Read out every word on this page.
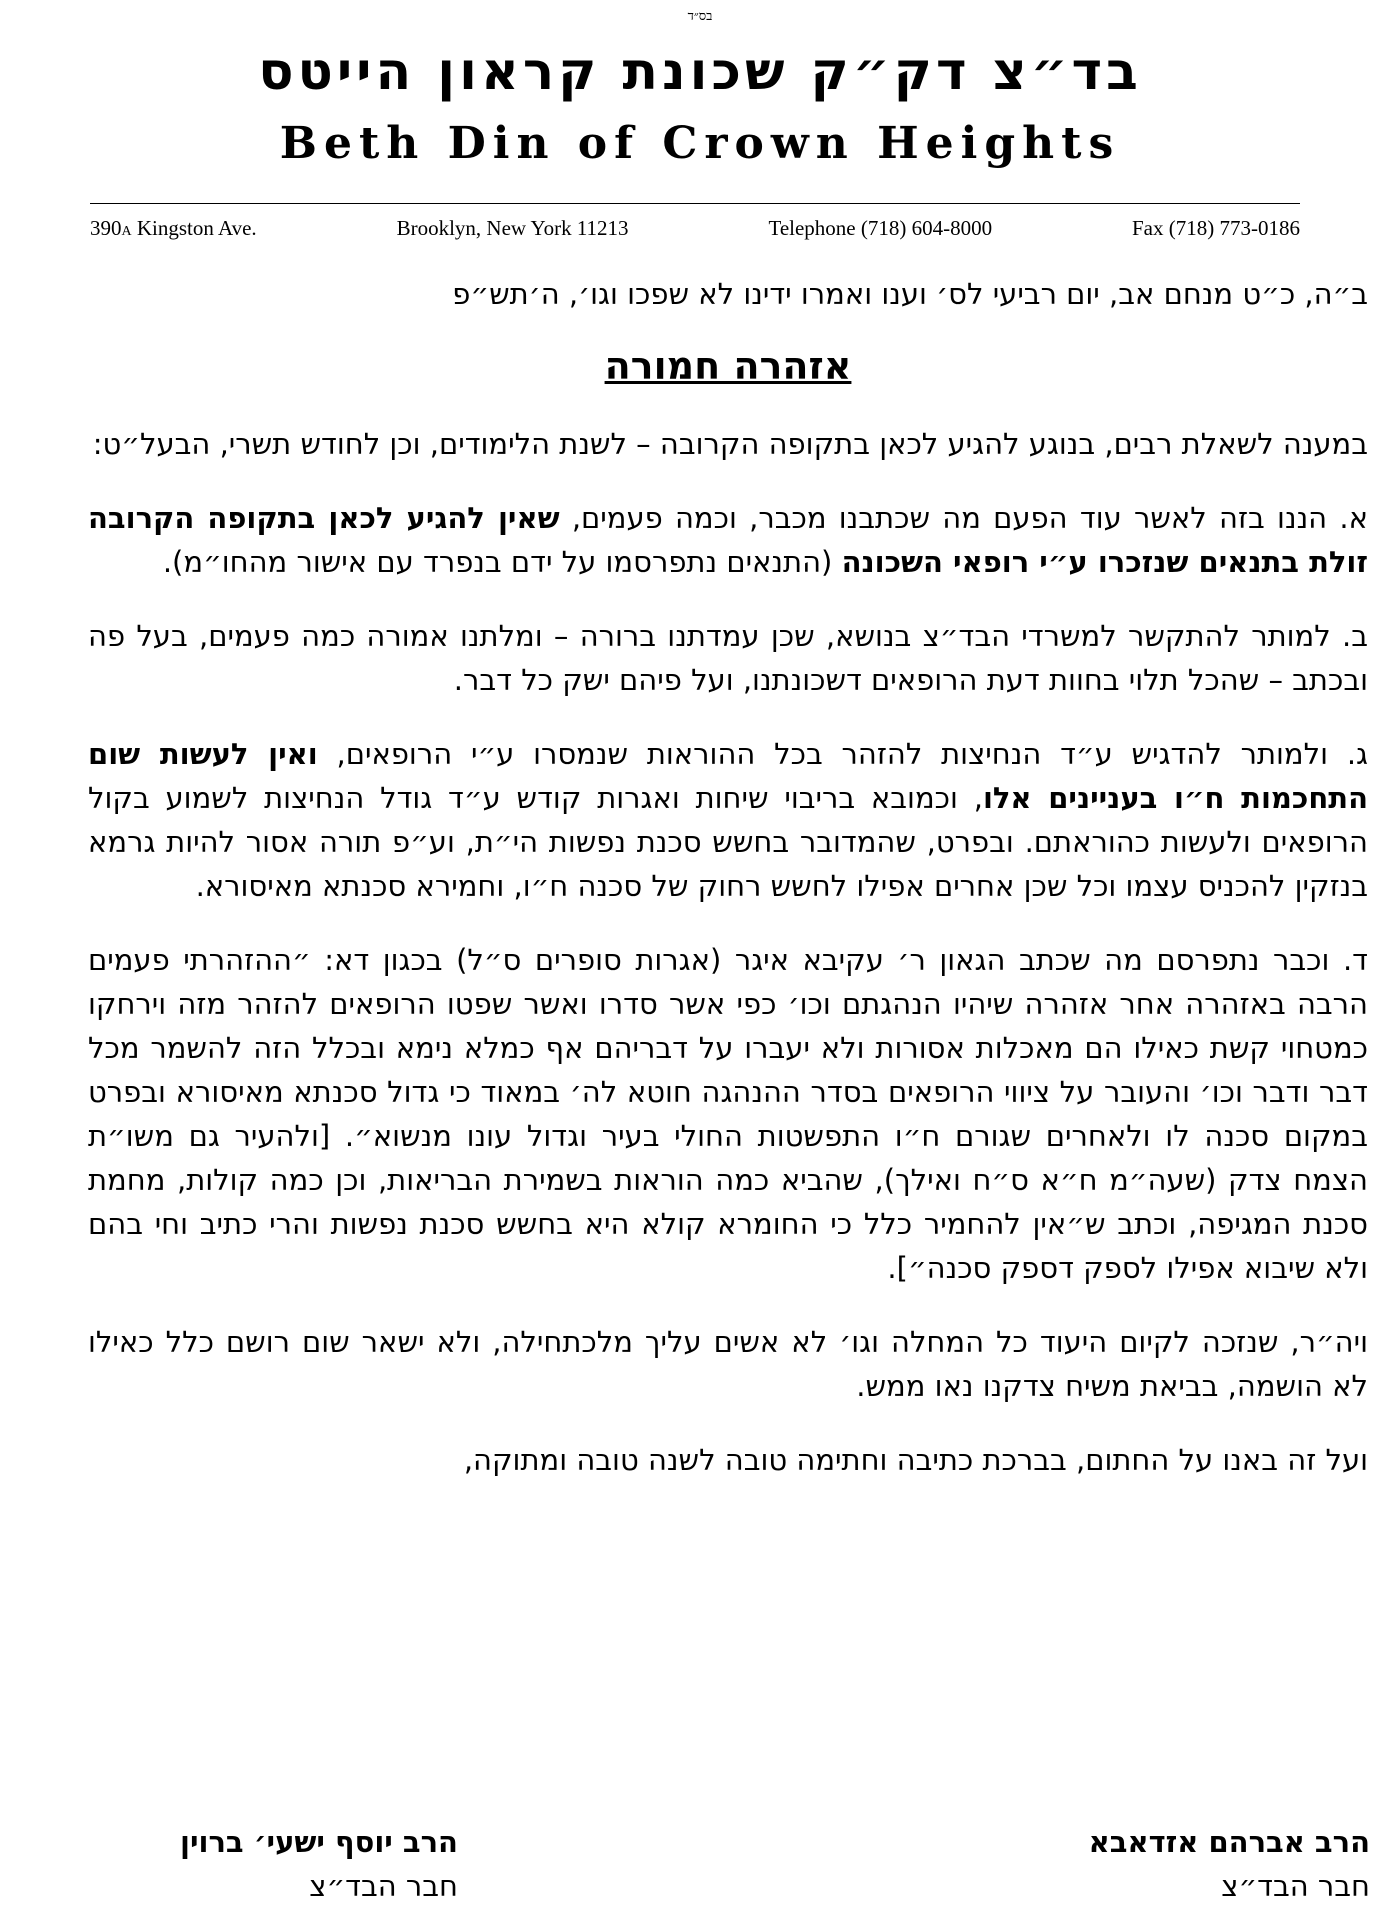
בס״ד
בד״צ דק״ק שכונת קראון הייטס
Beth Din of Crown Heights
390A Kingston Ave.	Brooklyn, New York 11213	Telephone (718) 604-8000	Fax (718) 773-0186

ב״ה, כ״ט מנחם אב, יום רביעי לס׳ וענו ואמרו ידינו לא שפכו וגו׳, ה׳תש״פ

אזהרה חמורה

במענה לשאלת רבים, בנוגע להגיע לכאן בתקופה הקרובה – לשנת הלימודים, וכן לחודש תשרי, הבעל״ט:

א. הננו בזה לאשר עוד הפעם מה שכתבנו מכבר, וכמה פעמים, שאין להגיע לכאן בתקופה הקרובה זולת בתנאים שנזכרו ע״י רופאי השכונה (התנאים נתפרסמו על ידם בנפרד עם אישור מהחו״מ).

ב. למותר להתקשר למשרדי הבד״צ בנושא, שכן עמדתנו ברורה – ומלתנו אמורה כמה פעמים, בעל פה ובכתב – שהכל תלוי בחוות דעת הרופאים דשכונתנו, ועל פיהם ישק כל דבר.

ג. ולמותר להדגיש ע״ד הנחיצות להזהר בכל ההוראות שנמסרו ע״י הרופאים, ואין לעשות שום התחכמות ח״ו בעניינים אלו, וכמובא בריבוי שיחות ואגרות קודש ע״ד גודל הנחיצות לשמוע בקול הרופאים ולעשות כהוראתם. ובפרט, שהמדובר בחשש סכנת נפשות הי״ת, וע״פ תורה אסור להיות גרמא בנזקין להכניס עצמו וכל שכן אחרים אפילו לחשש רחוק של סכנה ח״ו, וחמירא סכנתא מאיסורא.

ד. וכבר נתפרסם מה שכתב הגאון ר׳ עקיבא איגר (אגרות סופרים ס״ל) בכגון דא: ״ההזהרתי פעמים הרבה באזהרה אחר אזהרה שיהיו הנהגתם וכו׳ כפי אשר סדרו ואשר שפטו הרופאים להזהר מזה וירחקו כמטחוי קשת כאילו הם מאכלות אסורות ולא יעברו על דבריהם אף כמלא נימא ובכלל הזה להשמר מכל דבר ודבר וכו׳ והעובר על ציווי הרופאים בסדר ההנהגה חוטא לה׳ במאוד כי גדול סכנתא מאיסורא ובפרט במקום סכנה לו ולאחרים שגורם ח״ו התפשטות החולי בעיר וגדול עונו מנשוא״. [ולהעיר גם משו״ת הצמח צדק (שעה״מ ח״א ס״ח ואילך), שהביא כמה הוראות בשמירת הבריאות, וכן כמה קולות, מחמת סכנת המגיפה, וכתב ש״אין להחמיר כלל כי החומרא קולא היא בחשש סכנת נפשות והרי כתיב וחי בהם ולא שיבוא אפילו לספק דספק סכנה״].

ויה״ר, שנזכה לקיום היעוד כל המחלה וגו׳ לא אשים עליך מלכתחילה, ולא ישאר שום רושם כלל כאילו לא הושמה, בביאת משיח צדקנו נאו ממש.

ועל זה באנו על החתום, בברכת כתיבה וחתימה טובה לשנה טובה ומתוקה,

הרב אברהם אזדאבא
חבר הבד״צ
הרב יוסף ישעי׳ ברוין
חבר הבד״צ
